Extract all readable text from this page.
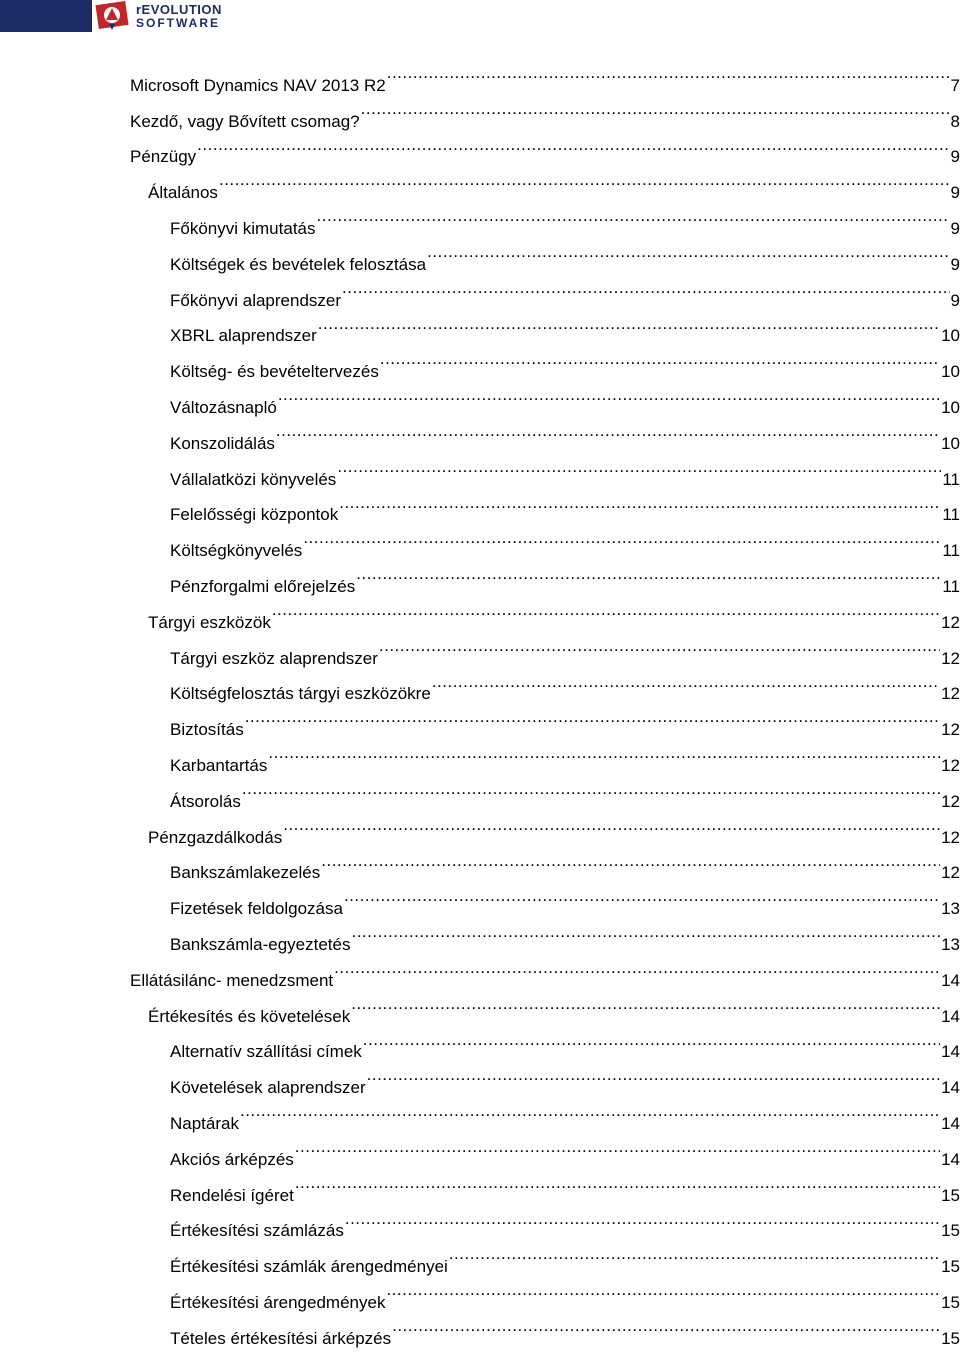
rEVOLUTION
SOFTWARE
Microsoft Dynamics NAV 2013 R2 .....	7
Kezdő, vagy Bővített csomag? .....	8
Pénzügy .....	9
Általános .....	9
Főkönyvi kimutatás .....	9
Költségek és bevételek felosztása .....	9
Főkönyvi alaprendszer .....	9
XBRL alaprendszer .....	10
Költség- és bevételtervezés .....	10
Változásnapló .....	10
Konszolidálás .....	10
Vállalatközi könyvelés .....	11
Felelősségi központok .....	11
Költségkönyvelés .....	11
Pénzforgalmi előrejelzés .....	11
Tárgyi eszközök .....	12
Tárgyi eszköz alaprendszer .....	12
Költségfelosztás tárgyi eszközökre .....	12
Biztosítás .....	12
Karbantartás .....	12
Átsorolás .....	12
Pénzgazdálkodás .....	12
Bankszámlakezelés .....	12
Fizetések feldolgozása .....	13
Bankszámla-egyeztetés .....	13
Ellátásilánc- menedzsment .....	14
Értékesítés és követelések .....	14
Alternatív szállítási címek .....	14
Követelések alaprendszer .....	14
Naptárak .....	14
Akciós árképzés .....	14
Rendelési ígéret .....	15
Értékesítési számlázás .....	15
Értékesítési számlák árengedményei .....	15
Értékesítési árengedmények .....	15
Tételes értékesítési árképzés .....	15
